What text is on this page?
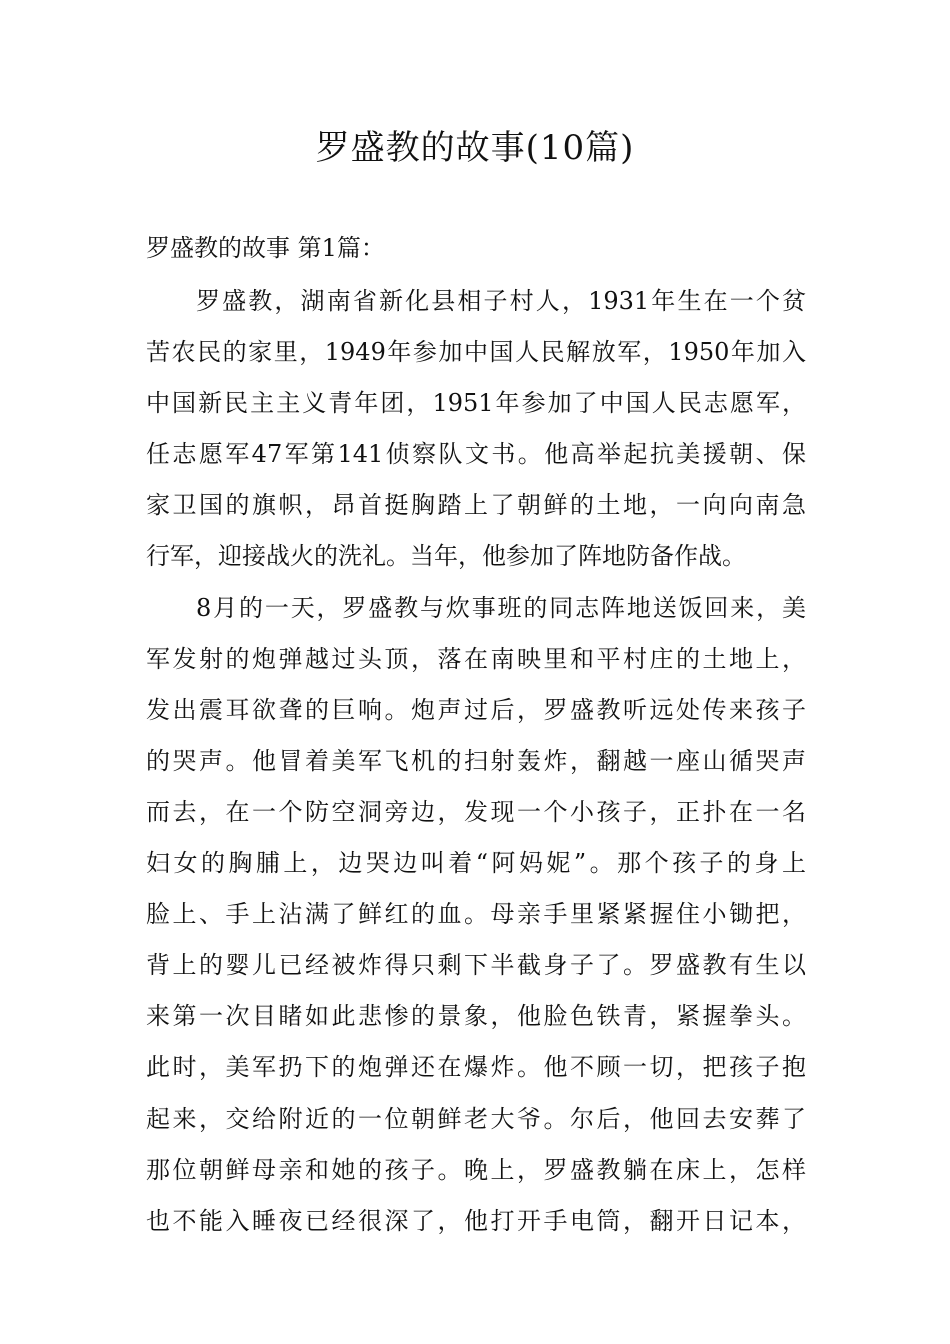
罗盛教的故事(10篇)

罗盛教的故事 第1篇：

罗盛教，湖南省新化县相子村人，1931年生在一个贫
苦农民的家里，1949年参加中国人民解放军，1950年加入
中国新民主主义青年团，1951年参加了中国人民志愿军，
任志愿军47军第141侦察队文书。他高举起抗美援朝、保
家卫国的旗帜，昂首挺胸踏上了朝鲜的土地，一向向南急
行军，迎接战火的洗礼。当年，他参加了阵地防备作战。
8月的一天，罗盛教与炊事班的同志阵地送饭回来，美
军发射的炮弹越过头顶，落在南映里和平村庄的土地上，
发出震耳欲聋的巨响。炮声过后，罗盛教听远处传来孩子
的哭声。他冒着美军飞机的扫射轰炸，翻越一座山循哭声
而去，在一个防空洞旁边，发现一个小孩子，正扑在一名
妇女的胸脯上，边哭边叫着“阿妈妮”。那个孩子的身上
脸上、手上沾满了鲜红的血。母亲手里紧紧握住小锄把，
背上的婴儿已经被炸得只剩下半截身子了。罗盛教有生以
来第一次目睹如此悲惨的景象，他脸色铁青，紧握拳头。
此时，美军扔下的炮弹还在爆炸。他不顾一切，把孩子抱
起来，交给附近的一位朝鲜老大爷。尔后，他回去安葬了
那位朝鲜母亲和她的孩子。晚上，罗盛教躺在床上，怎样
也不能入睡夜已经很深了，他打开手电筒，翻开日记本，
